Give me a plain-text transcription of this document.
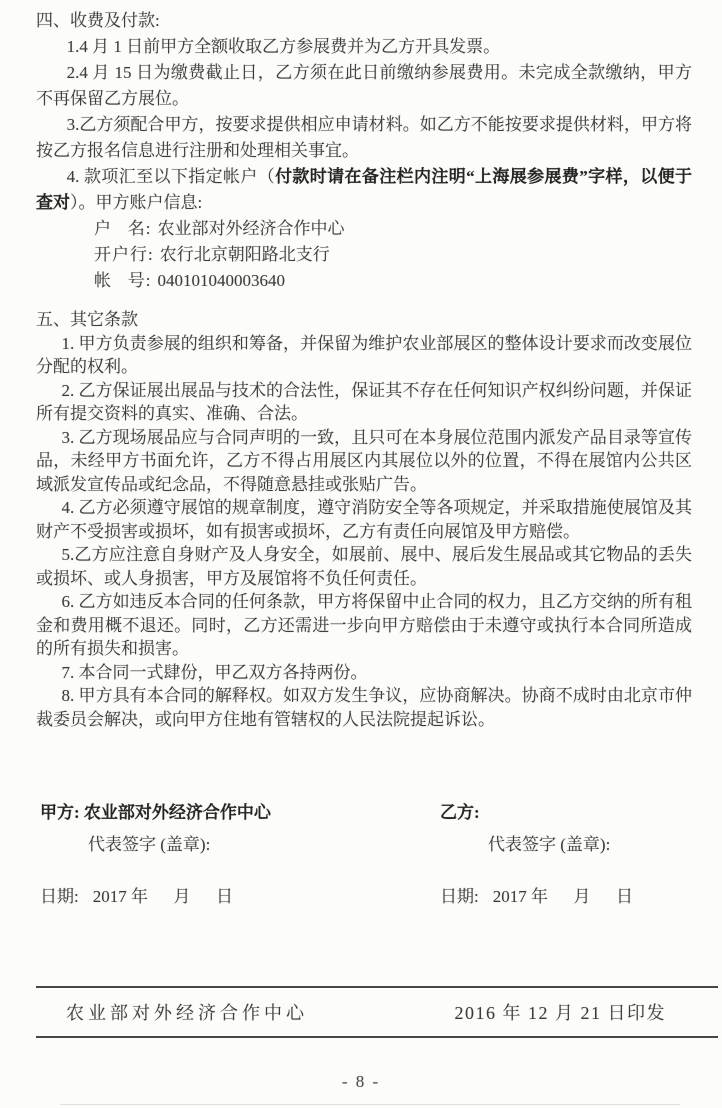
四、收费及付款:

1.4 月 1 日前甲方全额收取乙方参展费并为乙方开具发票。

2.4 月 15 日为缴费截止日，乙方须在此日前缴纳参展费用。未完成全款缴纳，甲方不再保留乙方展位。

3.乙方须配合甲方，按要求提供相应申请材料。如乙方不能按要求提供材料，甲方将按乙方报名信息进行注册和处理相关事宜。

4. 款项汇至以下指定帐户（付款时请在备注栏内注明“上海展参展费”字样，以便于查对）。甲方账户信息:

户   名: 农业部对外经济合作中心

开户行: 农行北京朝阳路北支行

帐   号: 040101040003640

五、其它条款

1. 甲方负责参展的组织和筹备，并保留为维护农业部展区的整体设计要求而改变展位分配的权利。

2. 乙方保证展出展品与技术的合法性，保证其不存在任何知识产权纠纷问题，并保证所有提交资料的真实、准确、合法。

3. 乙方现场展品应与合同声明的一致，且只可在本身展位范围内派发产品目录等宣传品，未经甲方书面允许，乙方不得占用展区内其展位以外的位置，不得在展馆内公共区域派发宣传品或纪念品，不得随意悬挂或张贴广告。

4. 乙方必须遵守展馆的规章制度，遵守消防安全等各项规定，并采取措施使展馆及其财产不受损害或损坏，如有损害或损坏，乙方有责任向展馆及甲方赔偿。

5.乙方应注意自身财产及人身安全，如展前、展中、展后发生展品或其它物品的丢失或损坏、或人身损害，甲方及展馆将不负任何责任。

6. 乙方如违反本合同的任何条款，甲方将保留中止合同的权力，且乙方交纳的所有租金和费用概不退还。同时，乙方还需进一步向甲方赔偿由于未遵守或执行本合同所造成的所有损失和损害。

7. 本合同一式肆份，甲乙双方各持两份。

8. 甲方具有本合同的解释权。如双方发生争议，应协商解决。协商不成时由北京市仲裁委员会解决，或向甲方住地有管辖权的人民法院提起诉讼。

甲方: 农业部对外经济合作中心

代表签字 (盖章):

日期: 2017 年      月      日

乙方:

代表签字 (盖章):

日期: 2017 年      月      日

农业部对外经济合作中心	2016 年 12 月 21 日印发
- 8 -
